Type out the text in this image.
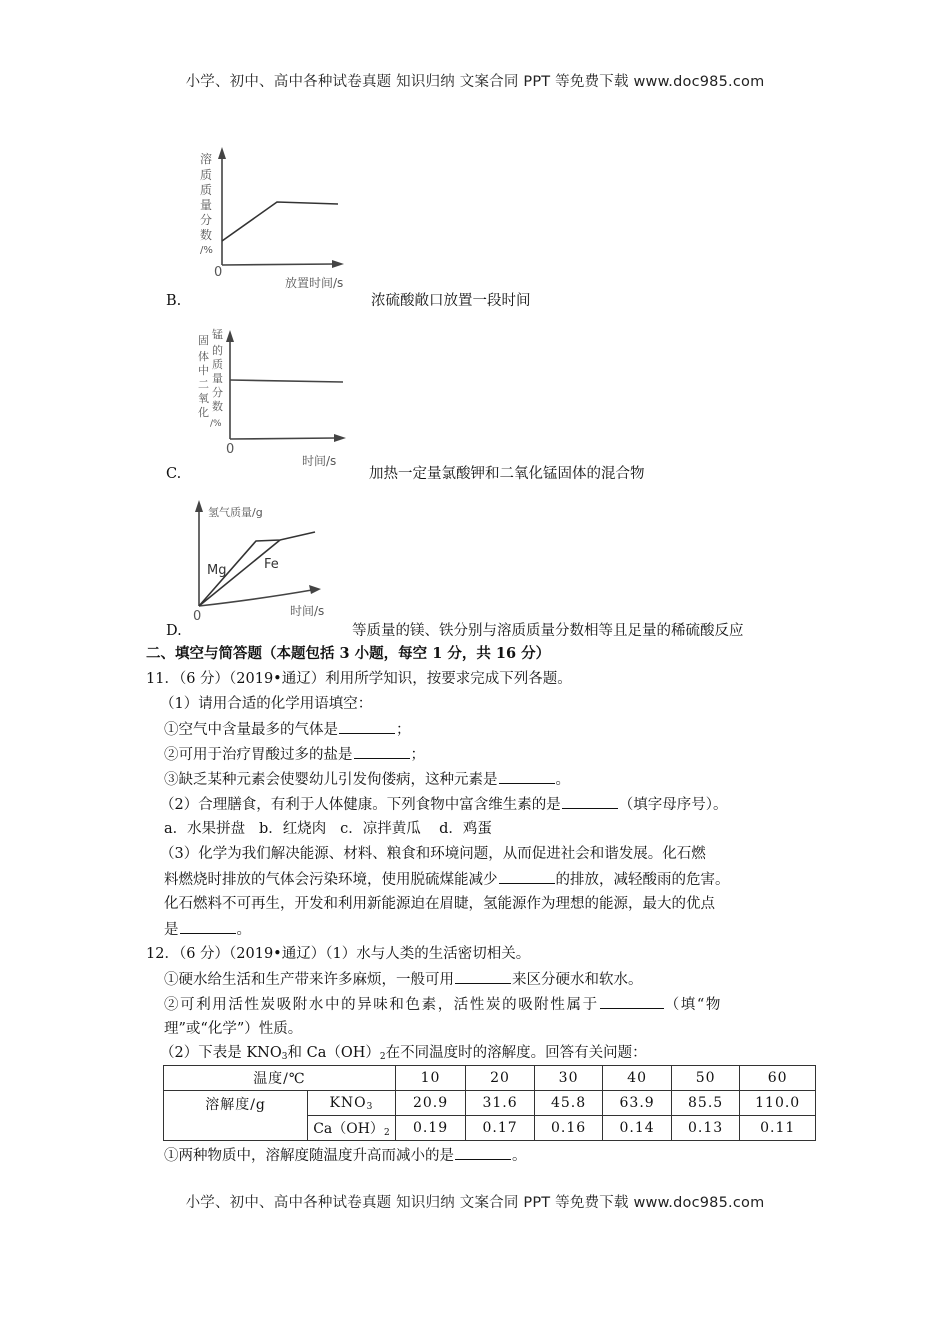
小学、初中、高中各种试卷真题 知识归纳 文案合同 PPT 等免费下载 www.doc985.com
溶
质
质
量
分
数
/%
0
放置时间/s
B.	浓硫酸敞口放置一段时间
固
体
中
二
氧
化
锰
的
质
量
分
数
/%
0
时间/s
C.	加热一定量氯酸钾和二氧化锰固体的混合物
氢气质量/g
Mg	Fe
0	时间/s
D.	等质量的镁、铁分别与溶质质量分数相等且足量的稀硫酸反应
二、填空与简答题（本题包括 3 小题，每空 1 分，共 16 分）
11．（6 分）（2019•通辽）利用所学知识，按要求完成下列各题。
（1）请用合适的化学用语填空：
①空气中含量最多的气体是	；
②可用于治疗胃酸过多的盐是	；
③缺乏某种元素会使婴幼儿引发佝偻病，这种元素是	。
（2）合理膳食，有利于人体健康。下列食物中富含维生素的是	（填字母序号）。
a．水果拼盘   b．红烧肉   c．凉拌黄瓜    d．鸡蛋
（3）化学为我们解决能源、材料、粮食和环境问题，从而促进社会和谐发展。化石燃
料燃烧时排放的气体会污染环境，使用脱硫煤能减少	的排放，减轻酸雨的危害。
化石燃料不可再生，开发和利用新能源迫在眉睫，氢能源作为理想的能源，最大的优点
是	。
12．（6 分）（2019•通辽）（1）水与人类的生活密切相关。
①硬水给生活和生产带来许多麻烦，一般可用	来区分硬水和软水。
②可利用活性炭吸附水中的异味和色素，活性炭的吸附性属于	（填“物
理”或“化学”）性质。
（2）下表是 $KNO_3$和 $Ca(OH)_2$在不同温度时的溶解度。回答有关问题：
温度/℃		10	20	30	40	50	60
溶解度/g	$KNO_3$	20.9	31.6	45.8	63.9	85.5	110.0
	$Ca(OH)_2$	0.19	0.17	0.16	0.14	0.13	0.11
①两种物质中，溶解度随温度升高而减小的是	。
小学、初中、高中各种试卷真题 知识归纳 文案合同 PPT 等免费下载 www.doc985.com
